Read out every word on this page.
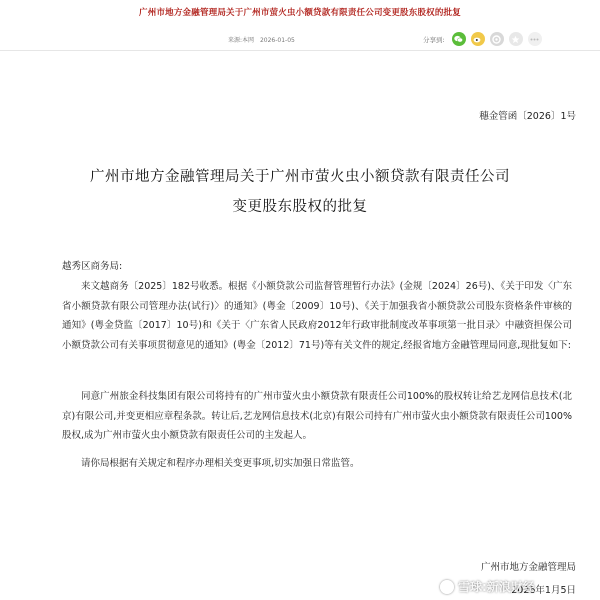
广州市地方金融管理局关于广州市萤火虫小额贷款有限责任公司变更股东股权的批复
来源:本网 2026-01-05	分享到:
穗金管函〔2026〕1号
广州市地方金融管理局关于广州市萤火虫小额贷款有限责任公司
变更股东股权的批复
越秀区商务局:
来文越商务〔2025〕182号收悉。根据《小额贷款公司监督管理暂行办法》(金规〔2024〕26号)、《关于印发〈广东省小额贷款有限公司管理办法(试行)〉的通知》(粤金〔2009〕10号)、《关于加强我省小额贷款公司股东资格条件审核的通知》(粤金贷监〔2017〕10号)和《关于〈广东省人民政府2012年行政审批制度改革事项第一批目录〉中融资担保公司小额贷款公司有关事项贯彻意见的通知》(粤金〔2012〕71号)等有关文件的规定,经报省地方金融管理局同意,现批复如下:
同意广州旅金科技集团有限公司将持有的广州市萤火虫小额贷款有限责任公司100%的股权转让给艺龙网信息技术(北京)有限公司,并变更相应章程条款。转让后,艺龙网信息技术(北京)有限公司持有广州市萤火虫小额贷款有限责任公司100%股权,成为广州市萤火虫小额贷款有限责任公司的主发起人。
请你局根据有关规定和程序办理相关变更事项,切实加强日常监管。
广州市地方金融管理局
2026年1月5日
雪球:新浪财经
